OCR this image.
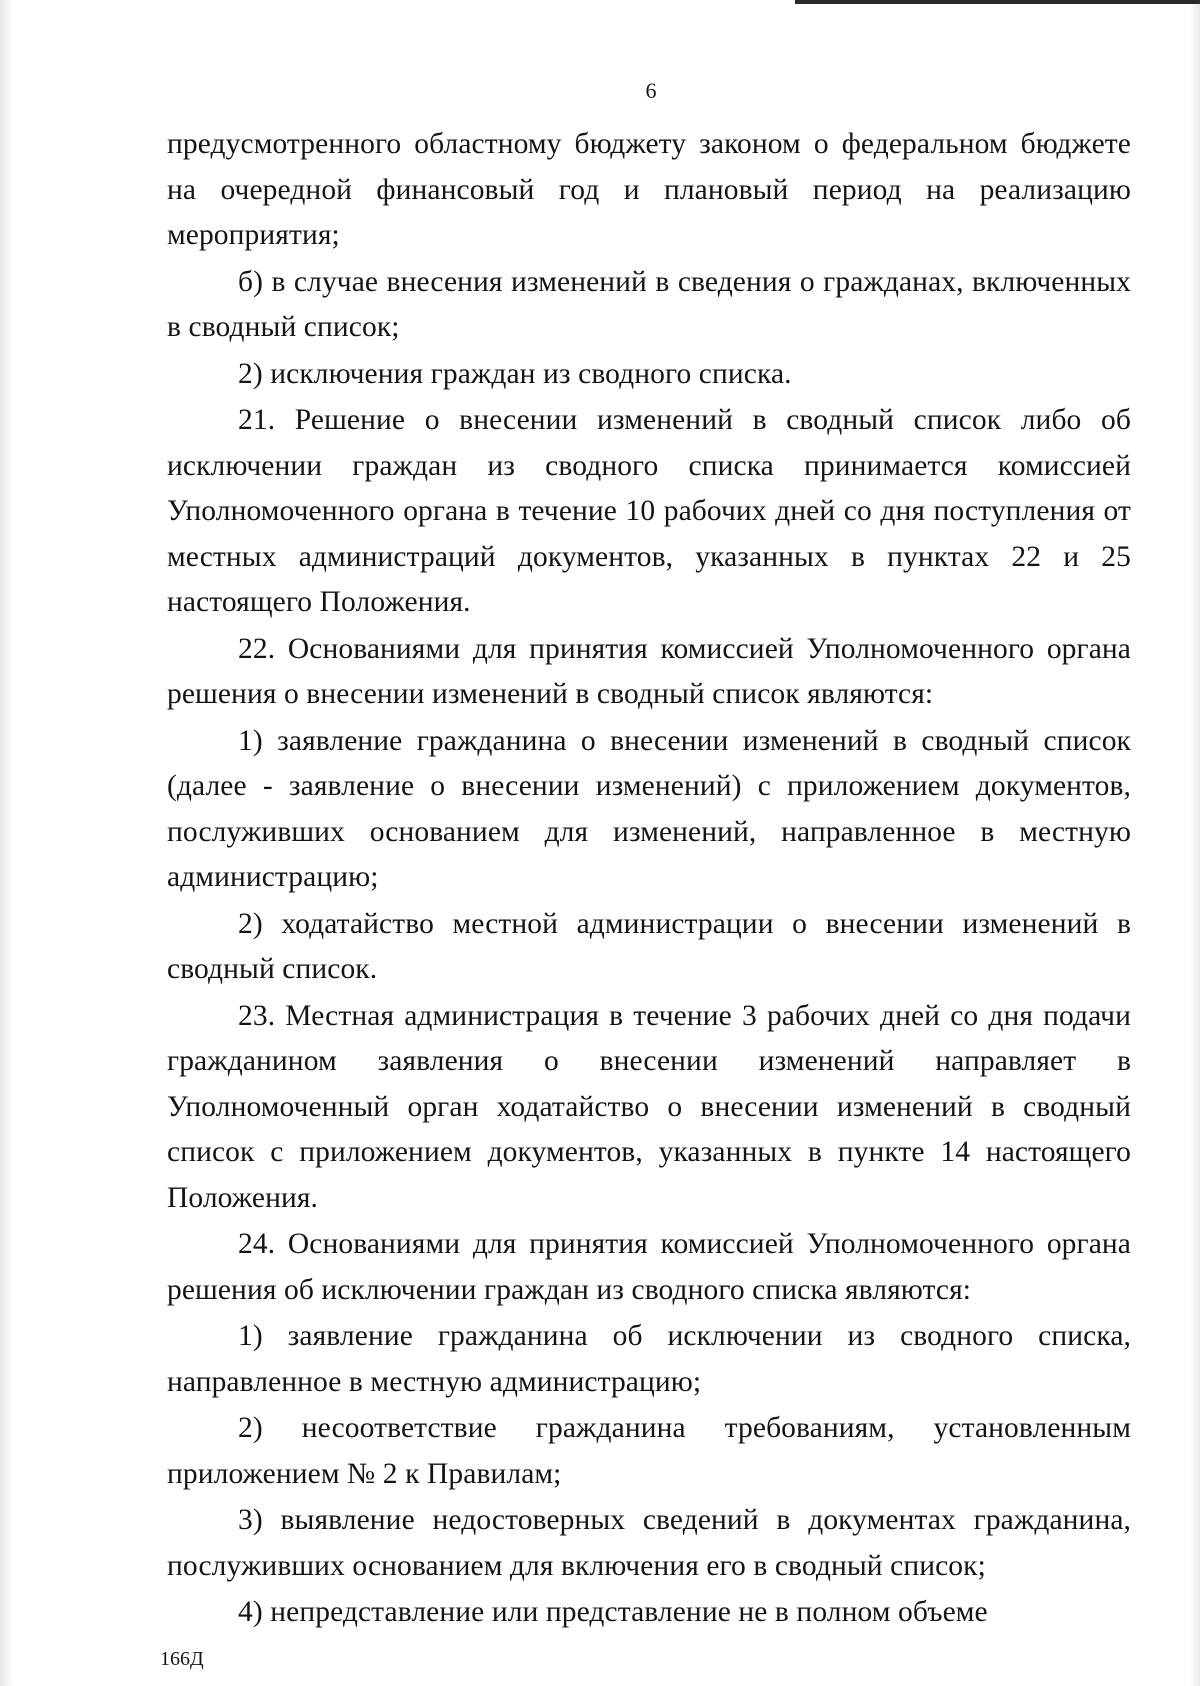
6

предусмотренного областному бюджету законом о федеральном бюджете на очередной финансовый год и плановый период на реализацию мероприятия;

б) в случае внесения изменений в сведения о гражданах, включенных в сводный список;

2) исключения граждан из сводного списка.

21. Решение о внесении изменений в сводный список либо об исключении граждан из сводного списка принимается комиссией Уполномоченного органа в течение 10 рабочих дней со дня поступления от местных администраций документов, указанных в пунктах 22 и 25 настоящего Положения.

22. Основаниями для принятия комиссией Уполномоченного органа решения о внесении изменений в сводный список являются:

1) заявление гражданина о внесении изменений в сводный список (далее - заявление о внесении изменений) с приложением документов, послуживших основанием для изменений, направленное в местную администрацию;

2) ходатайство местной администрации о внесении изменений в сводный список.

23. Местная администрация в течение 3 рабочих дней со дня подачи гражданином заявления о внесении изменений направляет в Уполномоченный орган ходатайство о внесении изменений в сводный список с приложением документов, указанных в пункте 14 настоящего Положения.

24. Основаниями для принятия комиссией Уполномоченного органа решения об исключении граждан из сводного списка являются:

1) заявление гражданина об исключении из сводного списка, направленное в местную администрацию;

2) несоответствие гражданина требованиям, установленным приложением № 2 к Правилам;

3) выявление недостоверных сведений в документах гражданина, послуживших основанием для включения его в сводный список;

4) непредставление или представление не в полном объеме

166Д
